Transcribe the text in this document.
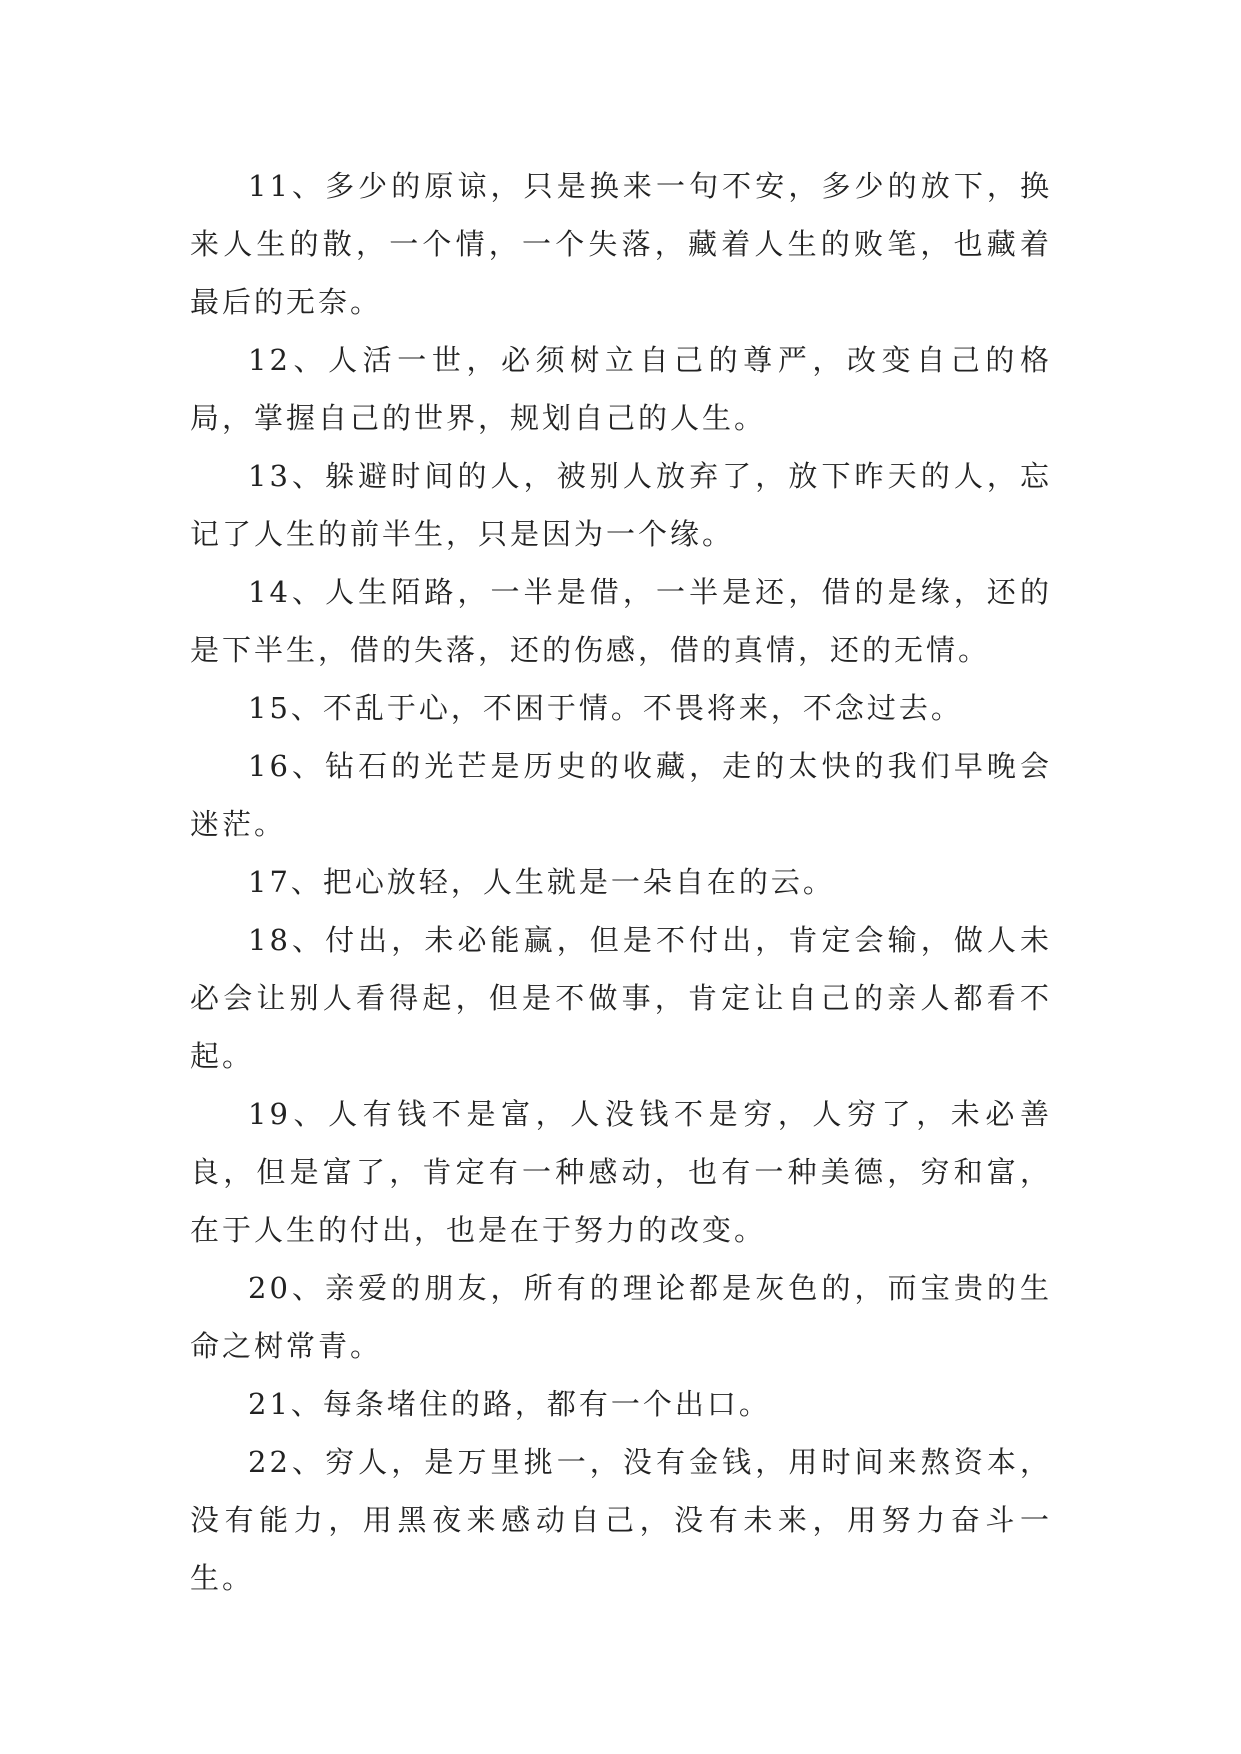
11、多少的原谅，只是换来一句不安，多少的放下，换来人生的散，一个情，一个失落，藏着人生的败笔，也藏着最后的无奈。

12、人活一世，必须树立自己的尊严，改变自己的格局，掌握自己的世界，规划自己的人生。

13、躲避时间的人，被别人放弃了，放下昨天的人，忘记了人生的前半生，只是因为一个缘。

14、人生陌路，一半是借，一半是还，借的是缘，还的是下半生，借的失落，还的伤感，借的真情，还的无情。

15、不乱于心，不困于情。不畏将来，不念过去。

16、钻石的光芒是历史的收藏，走的太快的我们早晚会迷茫。

17、把心放轻，人生就是一朵自在的云。

18、付出，未必能赢，但是不付出，肯定会输，做人未必会让别人看得起，但是不做事，肯定让自己的亲人都看不起。

19、人有钱不是富，人没钱不是穷，人穷了，未必善良，但是富了，肯定有一种感动，也有一种美德，穷和富，在于人生的付出，也是在于努力的改变。

20、亲爱的朋友，所有的理论都是灰色的，而宝贵的生命之树常青。

21、每条堵住的路，都有一个出口。

22、穷人，是万里挑一，没有金钱，用时间来熬资本，没有能力，用黑夜来感动自己，没有未来，用努力奋斗一生。
